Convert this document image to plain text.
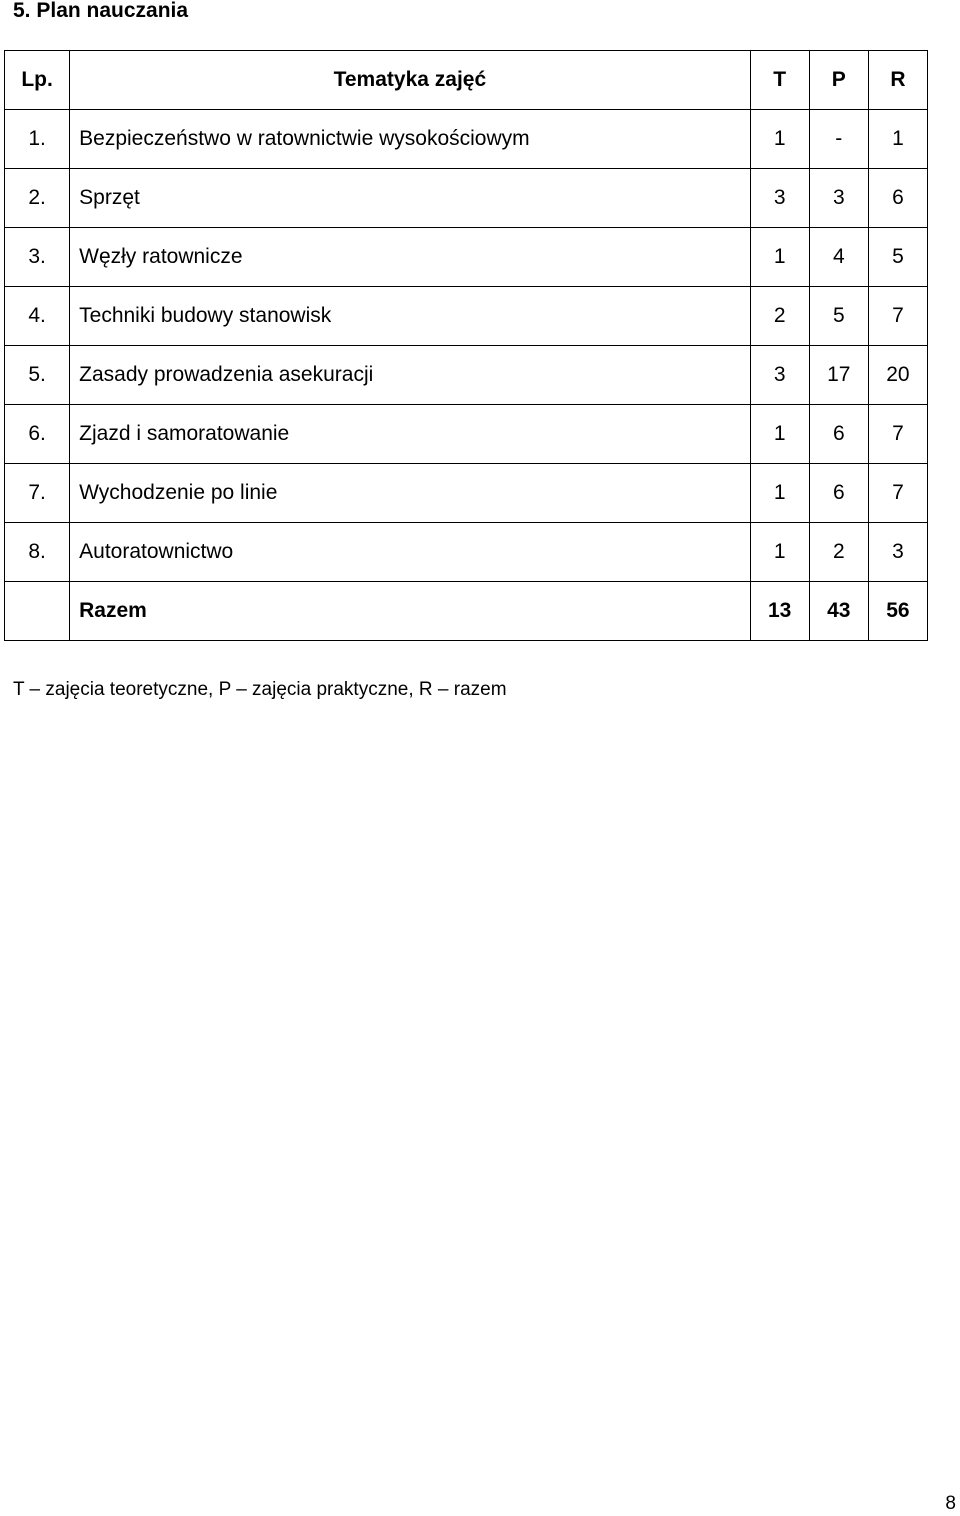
5. Plan nauczania
Lp.	Tematyka zajęć	T	P	R
1.	Bezpieczeństwo w ratownictwie wysokościowym	1	-	1
2.	Sprzęt	3	3	6
3.	Węzły ratownicze	1	4	5
4.	Techniki budowy stanowisk	2	5	7
5.	Zasady prowadzenia asekuracji	3	17	20
6.	Zjazd i samoratowanie	1	6	7
7.	Wychodzenie po linie	1	6	7
8.	Autoratownictwo	1	2	3
	Razem	13	43	56

T – zajęcia teoretyczne, P – zajęcia praktyczne, R – razem

8
